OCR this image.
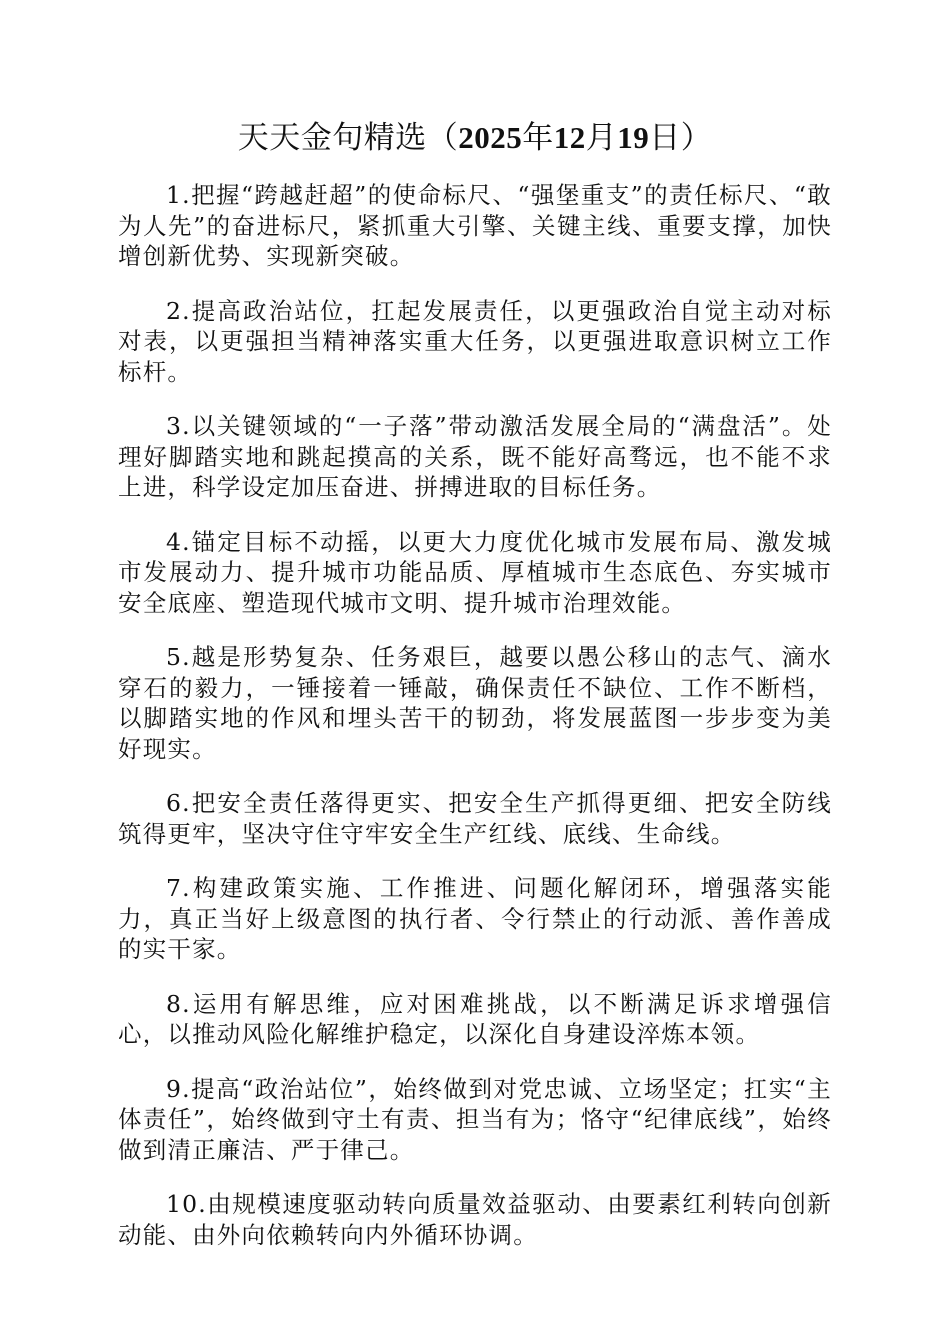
天天金句精选（2025年12月19日）
1.把握“跨越赶超”的使命标尺、“强堡重支”的责任标尺、“敢为人先”的奋进标尺，紧抓重大引擎、关键主线、重要支撑，加快增创新优势、实现新突破。
2.提高政治站位，扛起发展责任，以更强政治自觉主动对标对表，以更强担当精神落实重大任务，以更强进取意识树立工作标杆。
3.以关键领域的“一子落”带动激活发展全局的“满盘活”。处理好脚踏实地和跳起摸高的关系，既不能好高骛远，也不能不求上进，科学设定加压奋进、拼搏进取的目标任务。
4.锚定目标不动摇，以更大力度优化城市发展布局、激发城市发展动力、提升城市功能品质、厚植城市生态底色、夯实城市安全底座、塑造现代城市文明、提升城市治理效能。
5.越是形势复杂、任务艰巨，越要以愚公移山的志气、滴水穿石的毅力，一锤接着一锤敲，确保责任不缺位、工作不断档，以脚踏实地的作风和埋头苦干的韧劲，将发展蓝图一步步变为美好现实。
6.把安全责任落得更实、把安全生产抓得更细、把安全防线筑得更牢，坚决守住守牢安全生产红线、底线、生命线。
7.构建政策实施、工作推进、问题化解闭环，增强落实能力，真正当好上级意图的执行者、令行禁止的行动派、善作善成的实干家。
8.运用有解思维，应对困难挑战，以不断满足诉求增强信心，以推动风险化解维护稳定，以深化自身建设淬炼本领。
9.提高“政治站位”，始终做到对党忠诚、立场坚定；扛实“主体责任”，始终做到守土有责、担当有为；恪守“纪律底线”，始终做到清正廉洁、严于律己。
10.由规模速度驱动转向质量效益驱动、由要素红利转向创新动能、由外向依赖转向内外循环协调。
